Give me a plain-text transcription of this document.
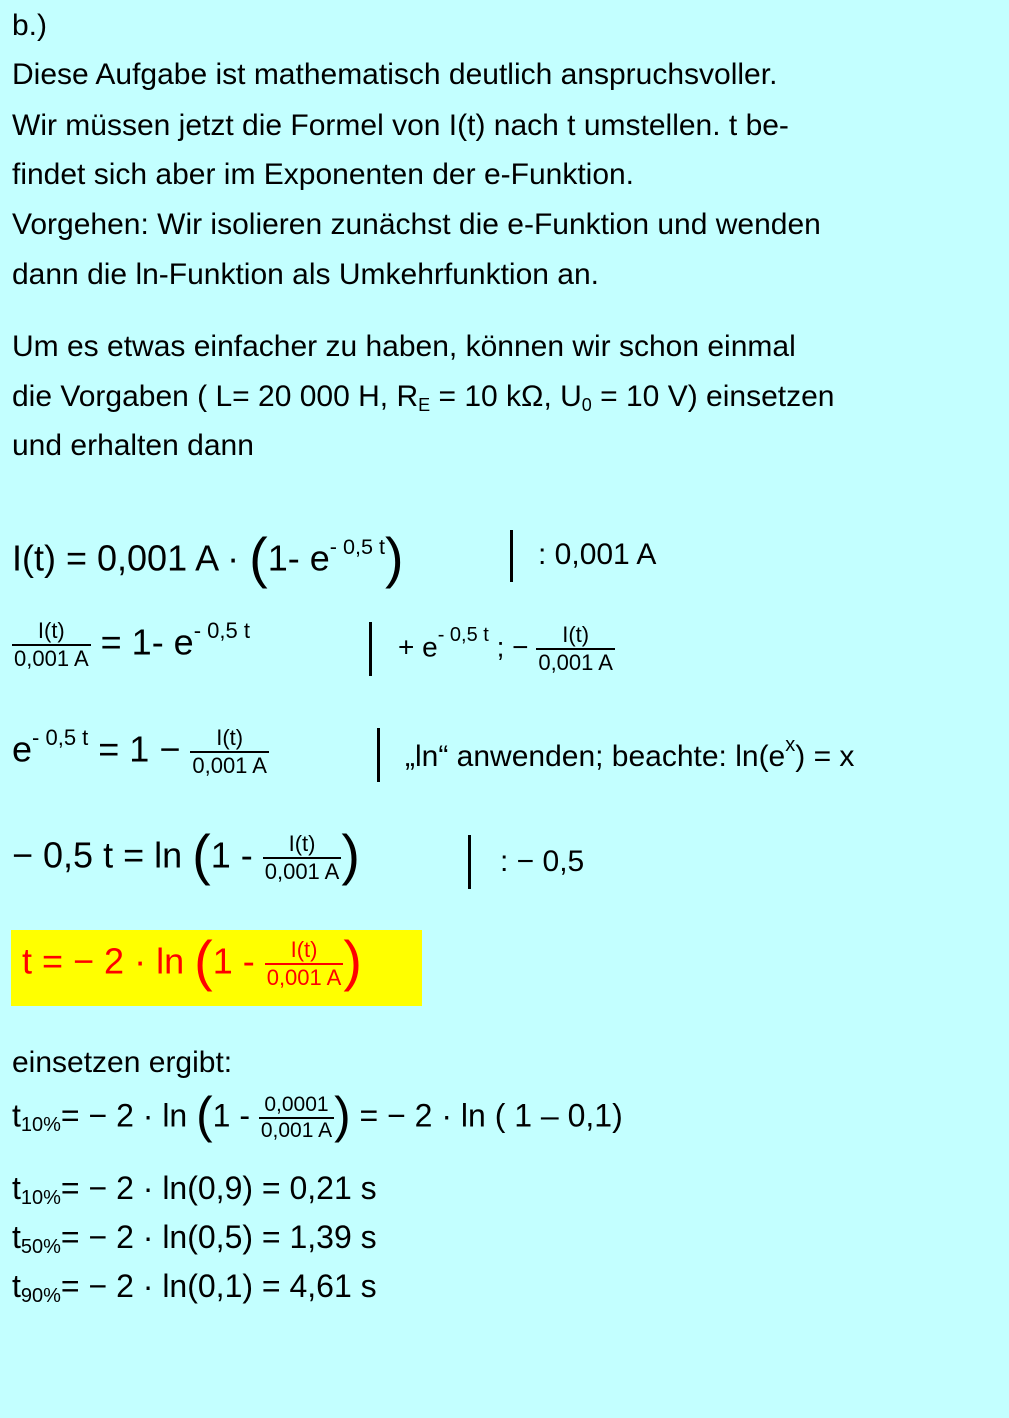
b.)
Diese Aufgabe ist mathematisch deutlich anspruchsvoller.
Wir müssen jetzt die Formel von I(t) nach t umstellen. t be-
findet sich aber im Exponenten der e-Funktion.
Vorgehen: Wir isolieren zunächst die e-Funktion und wenden
dann die ln-Funktion als Umkehrfunktion an.
Um es etwas einfacher zu haben, können wir schon einmal
die Vorgaben ( L= 20 000 H, RE = 10 kΩ, U0 = 10 V) einsetzen
und erhalten dann
I(t) = 0,001 A · (1- $e^{- 0,5 t}$)	: 0,001 A
$\frac{I(t)}{0,001 A} = 1-$ $e^{- 0,5 t}$
+ $e^{- 0,5 t}$ ; − $\frac{I(t)}{0,001 A}$
$e^{- 0,5 t} = 1 - \frac{I(t)}{0,001 A}$	„ln“ anwenden; beachte: $\ln(e^x) = x$
− 0,5 $t = \ln (1 - \frac{I(t)}{0,001 A}$ )	: − 0,5
t = − $2 \cdot \ln (1 - \frac{I(t)}{0,001 A}$ )
einsetzen ergibt:
$t10\%= - 2 \cdot \ln (1 - \frac{0,0001}{0,001 A}$ ) = − 2 · ln ( 1 – 0,1)
t10%= − 2 · ln(0,9) = 0,21 s
t50%= − 2 · ln(0,5) = 1,39 s
t90%= − 2 · ln(0,1) = 4,61 s
